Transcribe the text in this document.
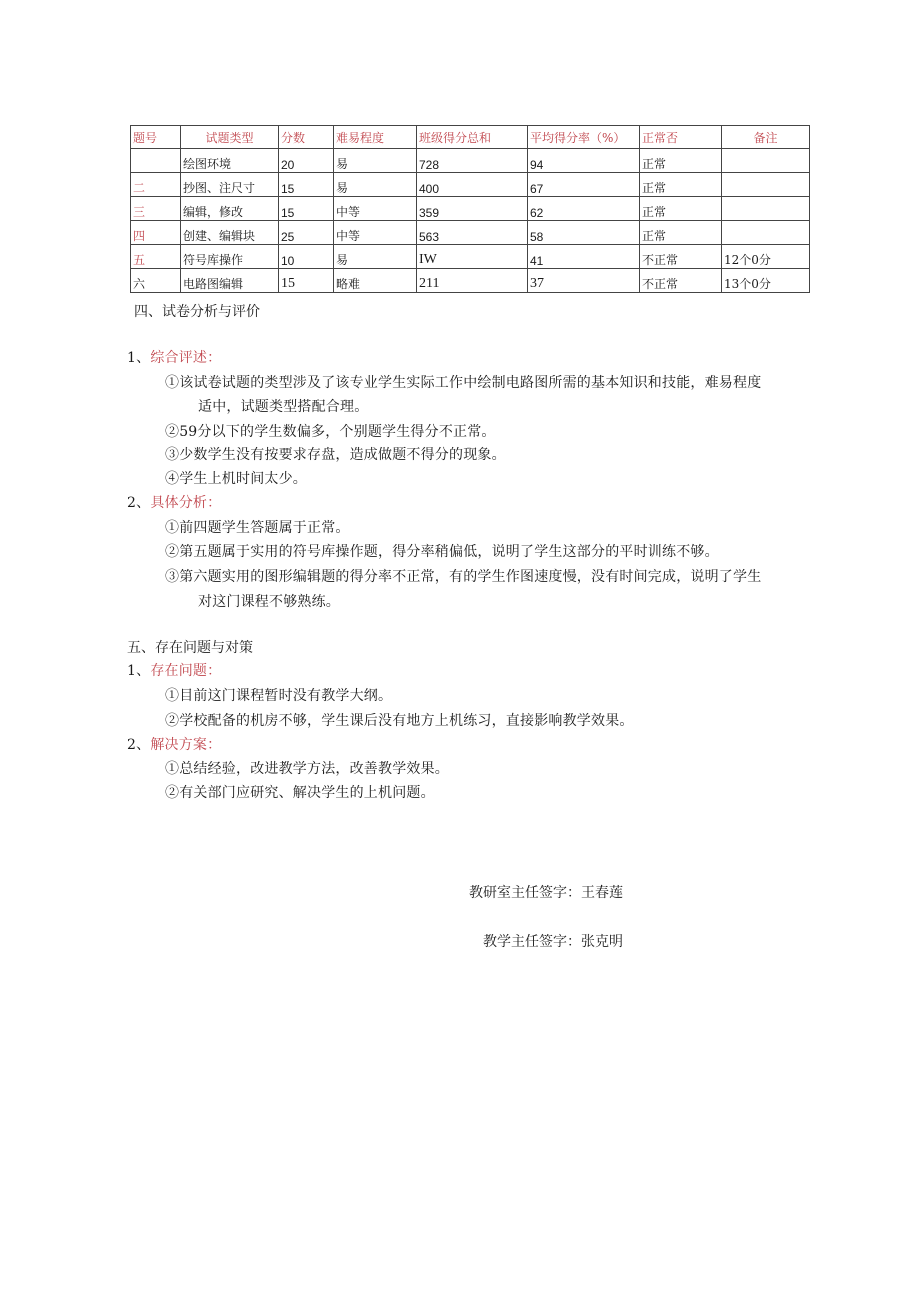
题号	试题类型	分数	难易程度	班级得分总和	平均得分率（%）	正常否	备注
	绘图环境	20	易	728	94	正常	
二	抄图、注尺寸	15	易	400	67	正常	
三	编辑，修改	15	中等	359	62	正常	
四	创建、编辑块	25	中等	563	58	正常	
五	符号库操作	10	易	IW	41	不正常	12个0分
六	电路图编辑	15	略难	211	37	不正常	13个0分
四、试卷分析与评价
1、综合评述：
①该试卷试题的类型涉及了该专业学生实际工作中绘制电路图所需的基本知识和技能，难易程度
适中，试题类型搭配合理。
②59分以下的学生数偏多，个别题学生得分不正常。
③少数学生没有按要求存盘，造成做题不得分的现象。
④学生上机时间太少。
2、具体分析：
①前四题学生答题属于正常。
②第五题属于实用的符号库操作题，得分率稍偏低，说明了学生这部分的平时训练不够。
③第六题实用的图形编辑题的得分率不正常，有的学生作图速度慢，没有时间完成，说明了学生
对这门课程不够熟练。
五、存在问题与对策
1、存在问题：
①目前这门课程暂时没有教学大纲。
②学校配备的机房不够，学生课后没有地方上机练习，直接影响教学效果。
2、解决方案：
①总结经验，改进教学方法，改善教学效果。
②有关部门应研究、解决学生的上机问题。
教研室主任签字：王春莲
教学主任签字：张克明
